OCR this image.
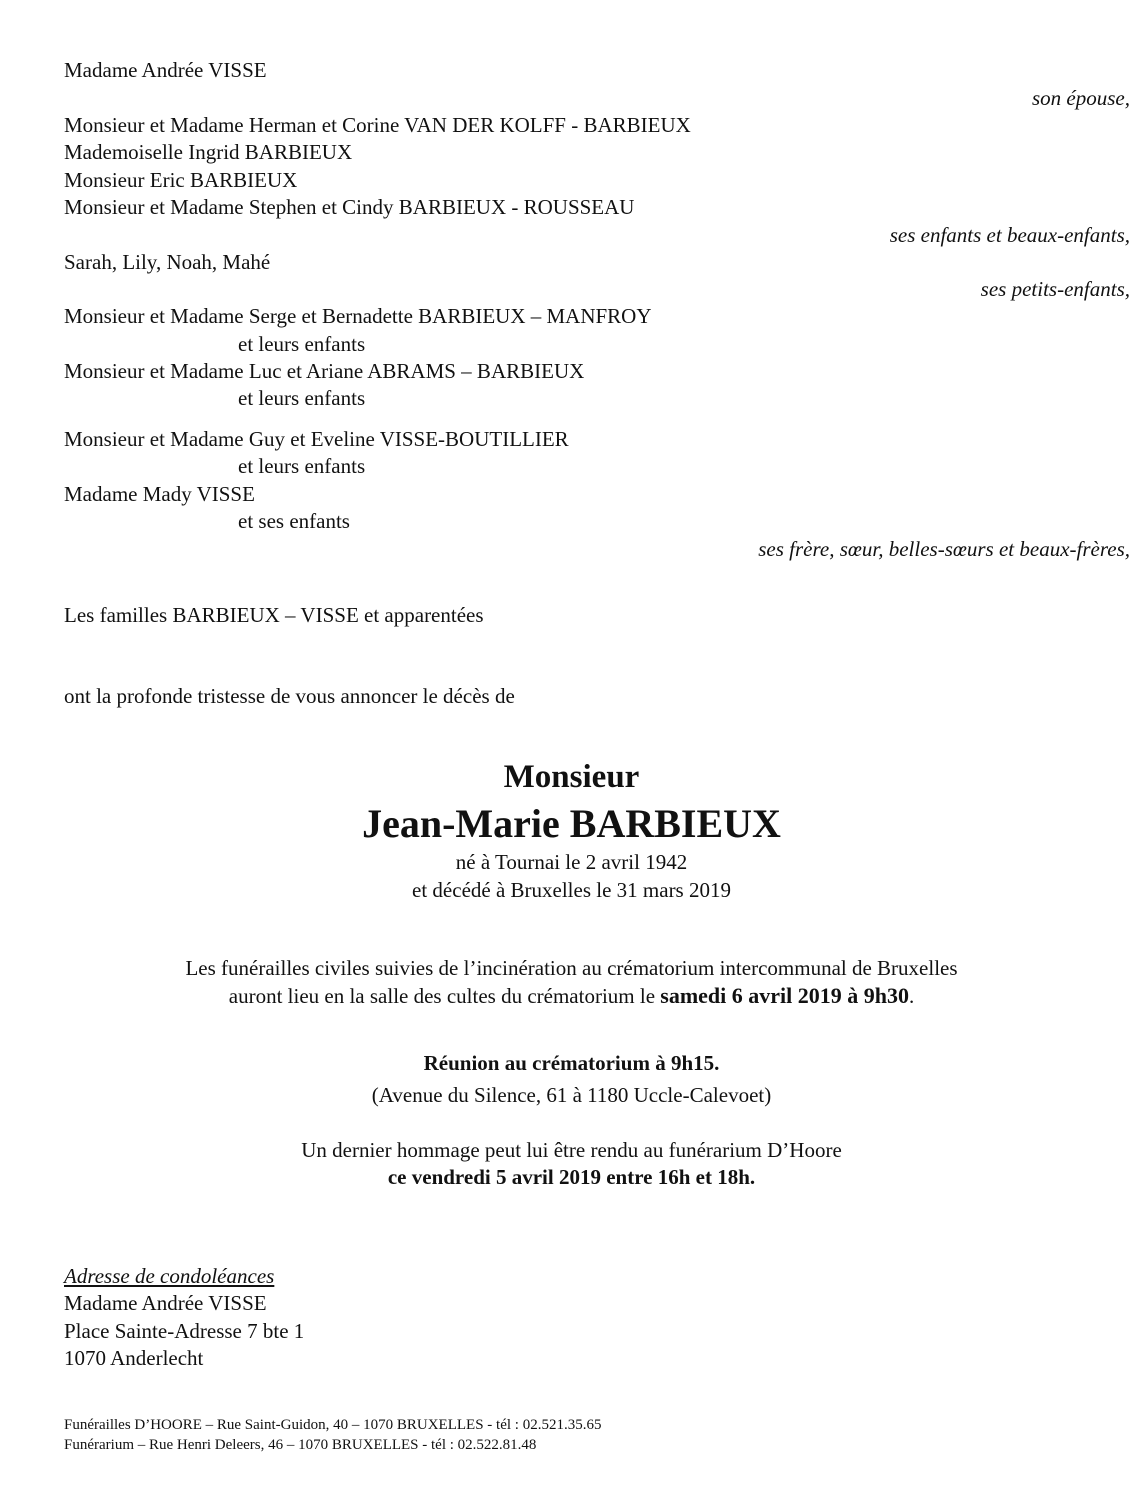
Madame Andrée VISSE
son épouse,
Monsieur et Madame Herman et Corine VAN DER KOLFF - BARBIEUX
Mademoiselle Ingrid BARBIEUX
Monsieur Eric BARBIEUX
Monsieur et Madame Stephen et Cindy BARBIEUX - ROUSSEAU
ses enfants et beaux-enfants,
Sarah, Lily, Noah, Mahé
ses petits-enfants,
Monsieur et Madame Serge et Bernadette BARBIEUX – MANFROY
et leurs enfants
Monsieur et Madame Luc et Ariane ABRAMS – BARBIEUX
et leurs enfants
Monsieur et Madame Guy et Eveline VISSE-BOUTILLIER
et leurs enfants
Madame Mady VISSE
et ses enfants
ses frère, sœur, belles-sœurs et beaux-frères,
Les familles BARBIEUX – VISSE et apparentées
ont la profonde tristesse de vous annoncer le décès de
Monsieur
Jean-Marie BARBIEUX
né à Tournai le 2 avril 1942
et décédé à Bruxelles le 31 mars 2019
Les funérailles civiles suivies de l’incinération au crématorium intercommunal de Bruxelles
auront lieu en la salle des cultes du crématorium le samedi 6 avril 2019 à 9h30.
Réunion au crématorium à 9h15.
(Avenue du Silence, 61 à 1180 Uccle-Calevoet)
Un dernier hommage peut lui être rendu au funérarium D’Hoore
ce vendredi 5 avril 2019 entre 16h et 18h.
Adresse de condoléances
Madame Andrée VISSE
Place Sainte-Adresse 7 bte 1
1070 Anderlecht
Funérailles D’HOORE – Rue Saint-Guidon, 40 – 1070 BRUXELLES - tél : 02.521.35.65
Funérarium – Rue Henri Deleers, 46 – 1070 BRUXELLES - tél : 02.522.81.48
